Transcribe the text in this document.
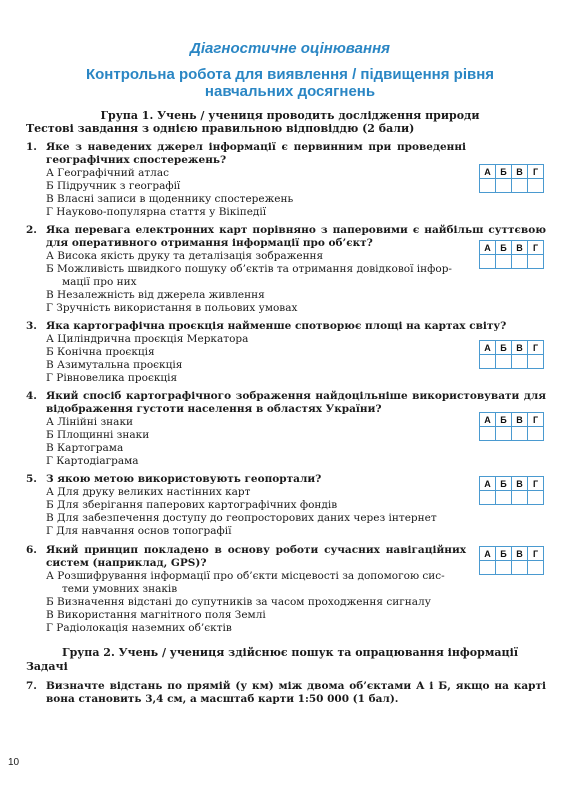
Діагностичне оцінювання
Контрольна робота для виявлення / підвищення рівня навчальних досягнень
Група 1. Учень / учениця проводить дослідження природи
Тестові завдання з однією правильною відповіддю (2 бали)
1. Яке з наведених джерел інформації є первинним при проведенні географічних спостережень?
А Географічний атлас
Б Підручник з географії
В Власні записи в щоденнику спостережень
Г Науково-популярна стаття у Вікіпедії
А	Б	В	Г

2. Яка перевага електронних карт порівняно з паперовими є найбільш суттєвою для оперативного отримання інформації про об’єкт?
А Висока якість друку та деталізація зображення
Б Можливість швидкого пошуку об’єктів та отримання довідкової інфор-
мації про них
В Незалежність від джерела живлення
Г Зручність використання в польових умовах
А	Б	В	Г

3. Яка картографічна проєкція найменше спотворює площі на картах світу?
А Циліндрична проєкція Меркатора
Б Конічна проєкція
В Азимутальна проєкція
Г Рівновелика проєкція
А	Б	В	Г

4. Який спосіб картографічного зображення найдоцільніше використовувати для відображення густоти населення в областях України?
А Лінійні знаки
Б Площинні знаки
В Картограма
Г Картодіаграма
А	Б	В	Г

5. З якою метою використовують геопортали?
А Для друку великих настінних карт
Б Для зберігання паперових картографічних фондів
В Для забезпечення доступу до геопросторових даних через інтернет
Г Для навчання основ топографії
А	Б	В	Г

6. Який принцип покладено в основу роботи сучасних навігаційних систем (наприклад, GPS)?
А Розшифрування інформації про об’єкти місцевості за допомогою сис-
теми умовних знаків
Б Визначення відстані до супутників за часом проходження сигналу
В Використання магнітного поля Землі
Г Радіолокація наземних об’єктів
А	Б	В	Г

Група 2. Учень / учениця здійснює пошук та опрацювання інформації
Задачі
7. Визначте відстань по прямій (у км) між двома об’єктами А і Б, якщо на карті вона становить 3,4 см, а масштаб карти 1:50 000 (1 бал).
10
